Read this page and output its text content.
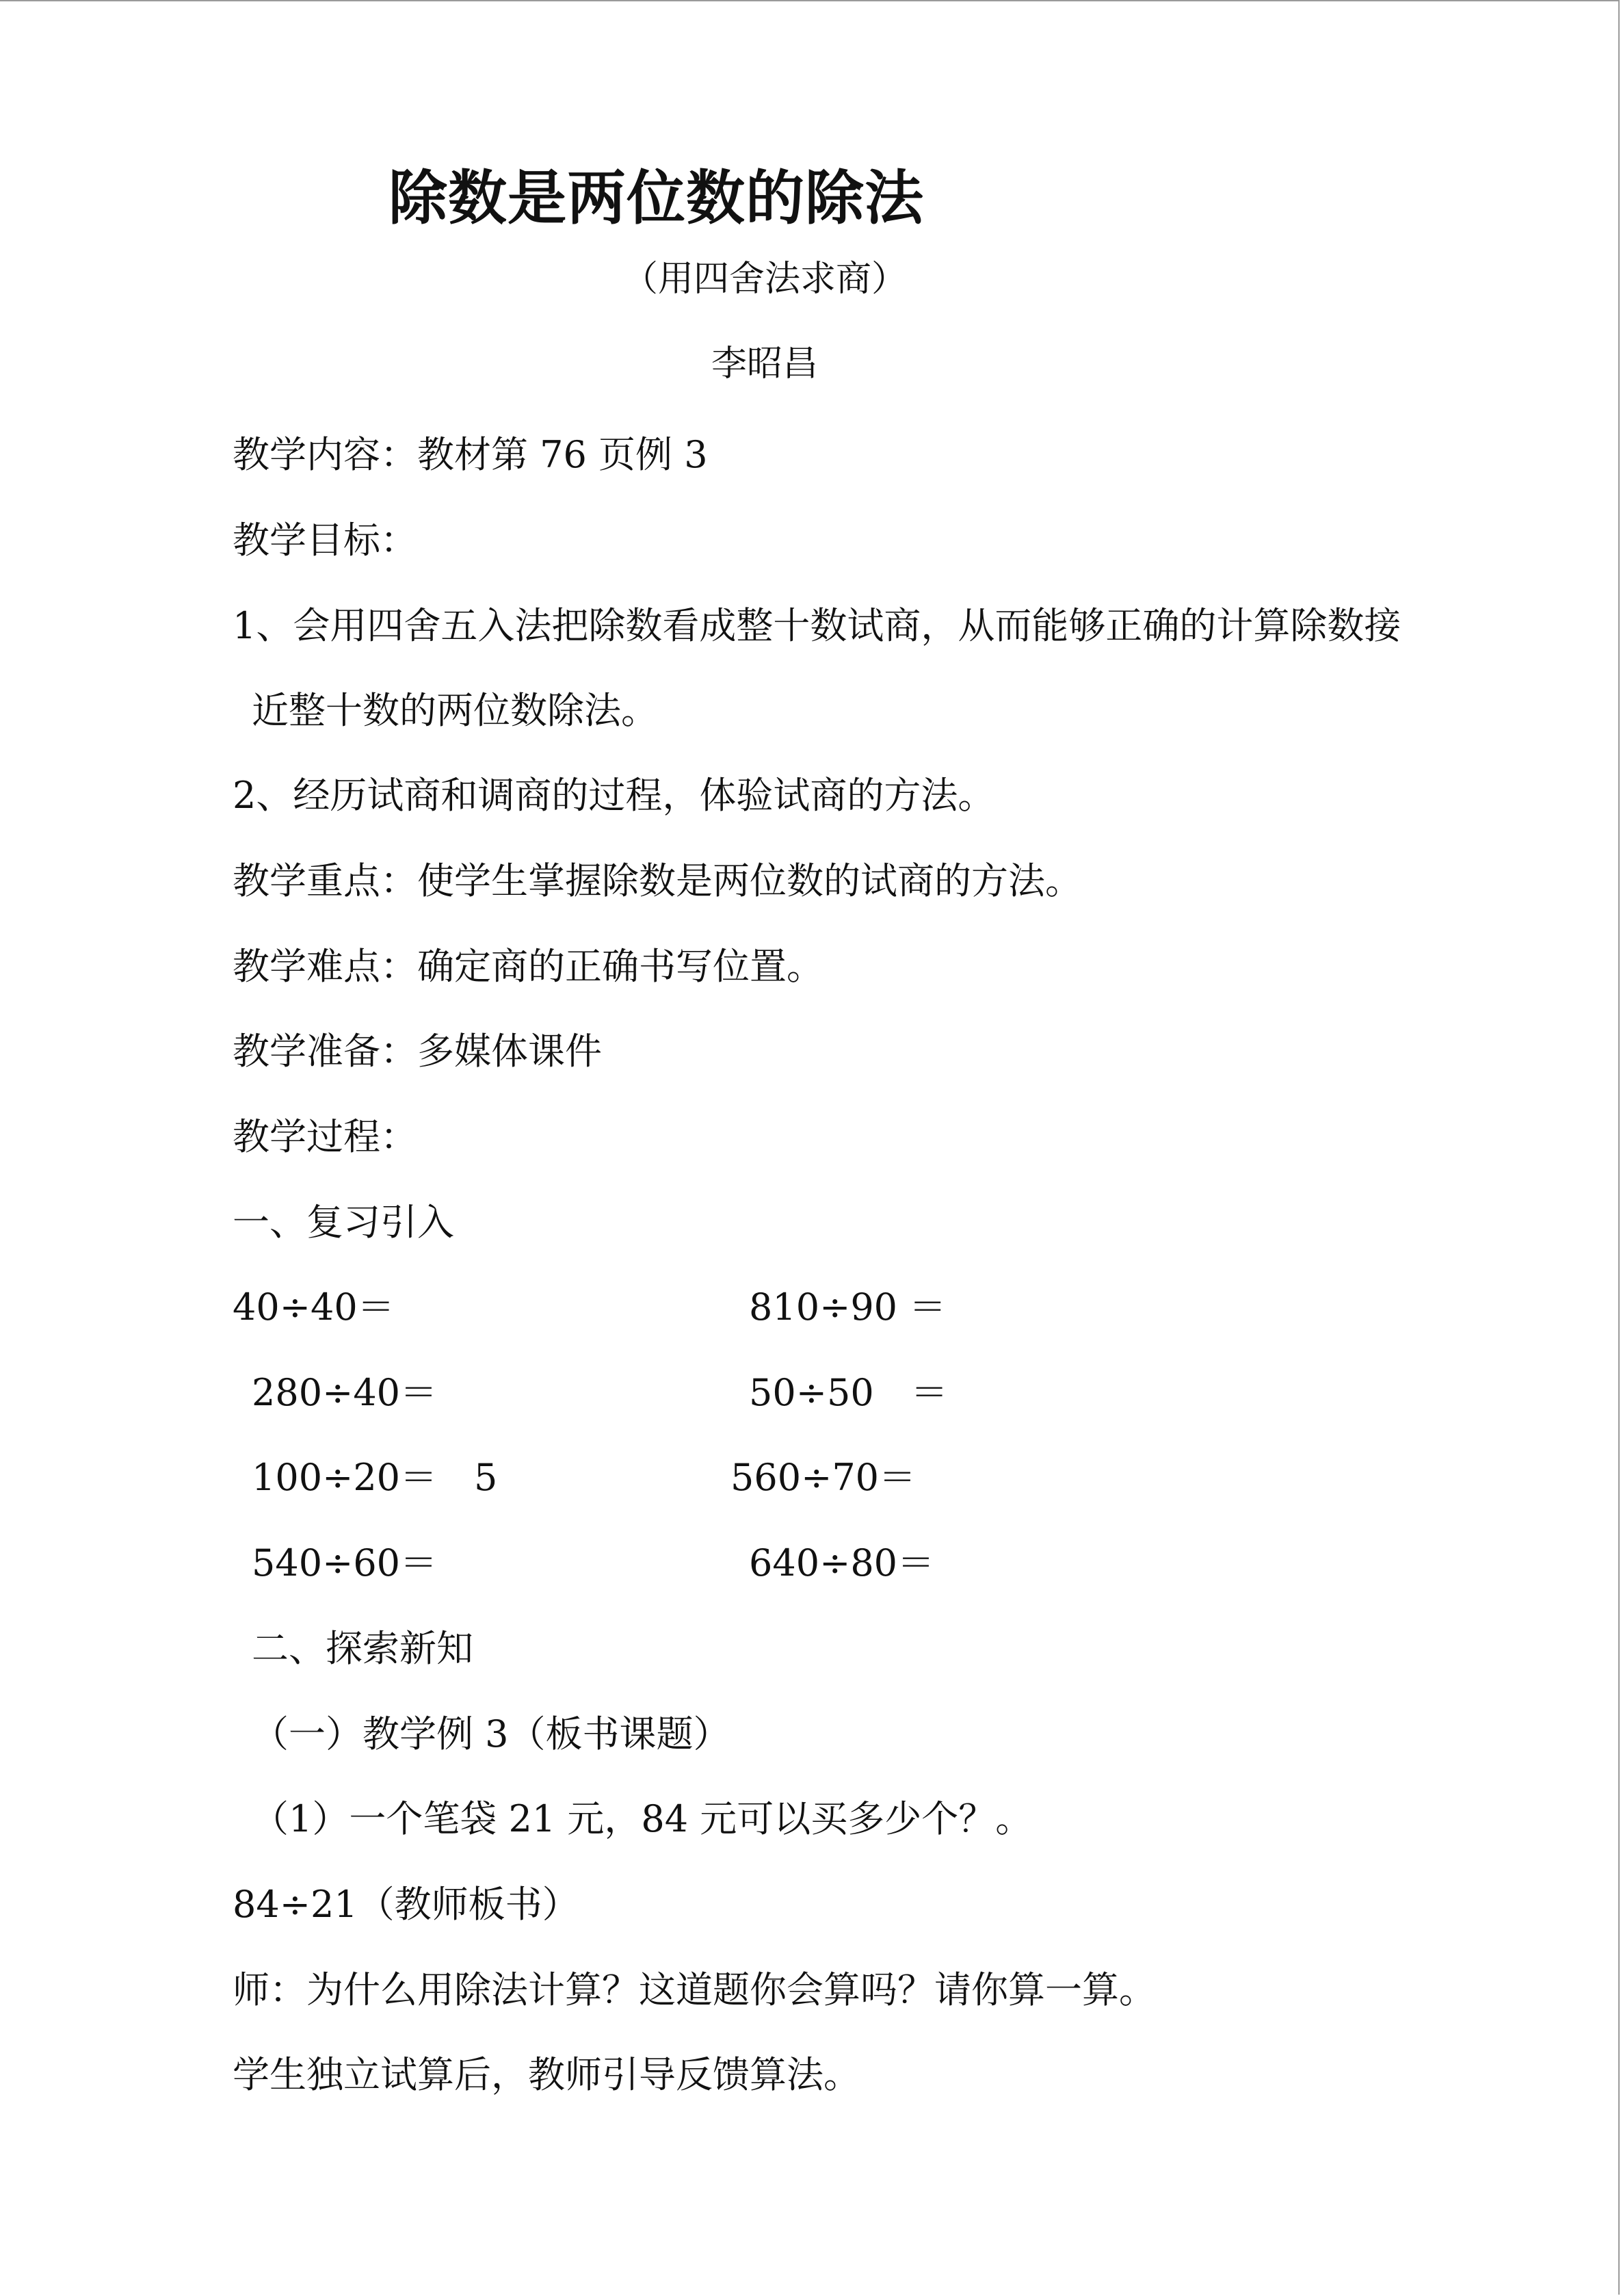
除数是两位数的除法
（用四舍法求商）
李昭昌
教学内容：教材第 76 页例 3
教学目标：
1、会用四舍五入法把除数看成整十数试商，从而能够正确的计算除数接
近整十数的两位数除法。
2、经历试商和调商的过程，体验试商的方法。
教学重点：使学生掌握除数是两位数的试商的方法。
教学难点：确定商的正确书写位置。
教学准备：多媒体课件
教学过程：
一、复习引入
40÷40＝
280÷40＝
100÷20＝　5
540÷60＝
810÷90 ＝
50÷50　＝
560÷70＝
640÷80＝
二、探索新知
（一）教学例 3（板书课题）
（1）一个笔袋 21 元，84 元可以买多少个？。
84÷21（教师板书）
师：为什么用除法计算？这道题你会算吗？请你算一算。
学生独立试算后，教师引导反馈算法。
